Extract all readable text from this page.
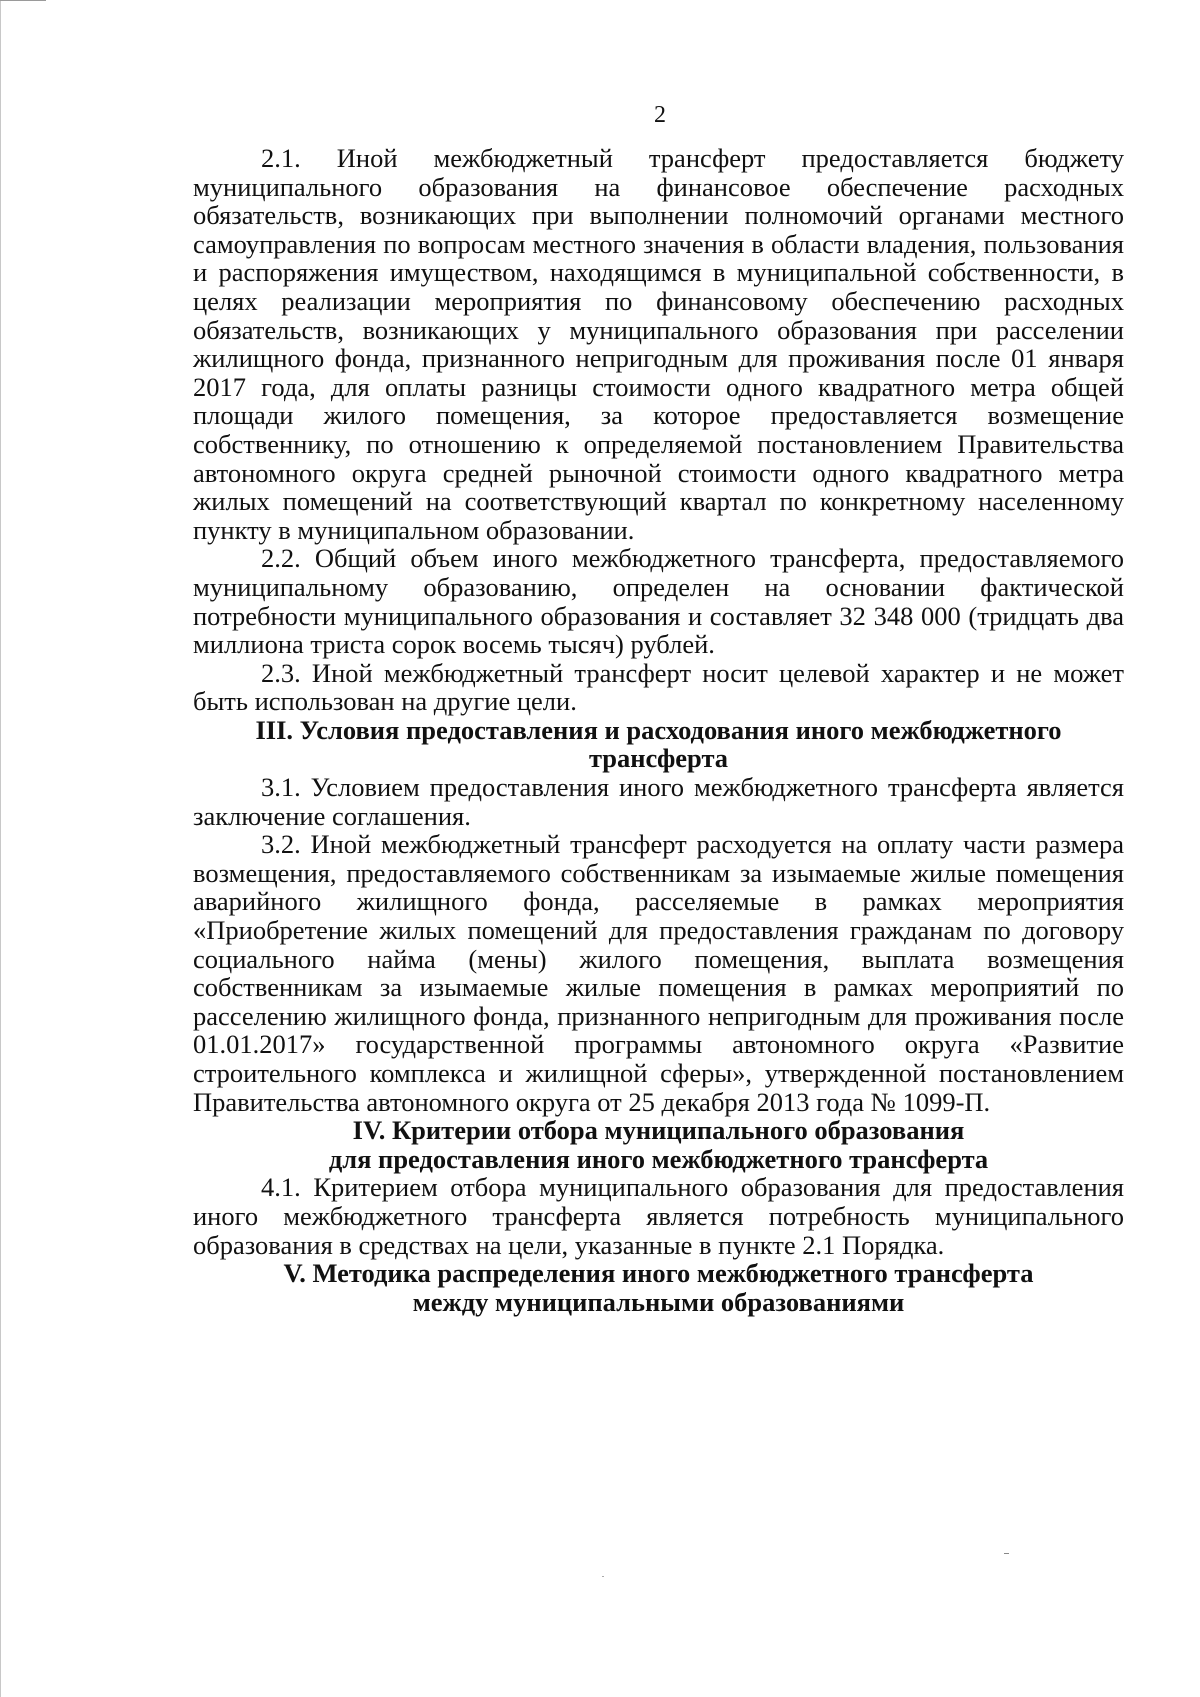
2

2.1. Иной межбюджетный трансферт предоставляется бюджету муниципального образования на финансовое обеспечение расходных обязательств, возникающих при выполнении полномочий органами местного самоуправления по вопросам местного значения в области владения, пользования и распоряжения имуществом, находящимся в муниципальной собственности, в целях реализации мероприятия по финансовому обеспечению расходных обязательств, возникающих у муниципального образования при расселении жилищного фонда, признанного непригодным для проживания после 01 января 2017 года, для оплаты разницы стоимости одного квадратного метра общей площади жилого помещения, за которое предоставляется возмещение собственнику, по отношению к определяемой постановлением Правительства автономного округа средней рыночной стоимости одного квадратного метра жилых помещений на соответствующий квартал по конкретному населенному пункту в муниципальном образовании.

2.2. Общий объем иного межбюджетного трансферта, предоставляемого муниципальному образованию, определен на основании фактической потребности муниципального образования и составляет 32 348 000 (тридцать два миллиона триста сорок восемь тысяч) рублей.

2.3. Иной межбюджетный трансферт носит целевой характер и не может быть использован на другие цели.

III. Условия предоставления и расходования иного межбюджетного
трансферта

3.1. Условием предоставления иного межбюджетного трансферта является заключение соглашения.

3.2. Иной межбюджетный трансферт расходуется на оплату части размера возмещения, предоставляемого собственникам за изымаемые жилые помещения аварийного жилищного фонда, расселяемые в рамках мероприятия «Приобретение жилых помещений для предоставления гражданам по договору социального найма (мены) жилого помещения, выплата возмещения собственникам за изымаемые жилые помещения в рамках мероприятий по расселению жилищного фонда, признанного непригодным для проживания после 01.01.2017» государственной программы автономного округа «Развитие строительного комплекса и жилищной сферы», утвержденной постановлением Правительства автономного округа от 25 декабря 2013 года № 1099-П.

IV. Критерии отбора муниципального образования
для предоставления иного межбюджетного трансферта

4.1. Критерием отбора муниципального образования для предоставления иного межбюджетного трансферта является потребность муниципального образования в средствах на цели, указанные в пункте 2.1 Порядка.

V. Методика распределения иного межбюджетного трансферта
между муниципальными образованиями
